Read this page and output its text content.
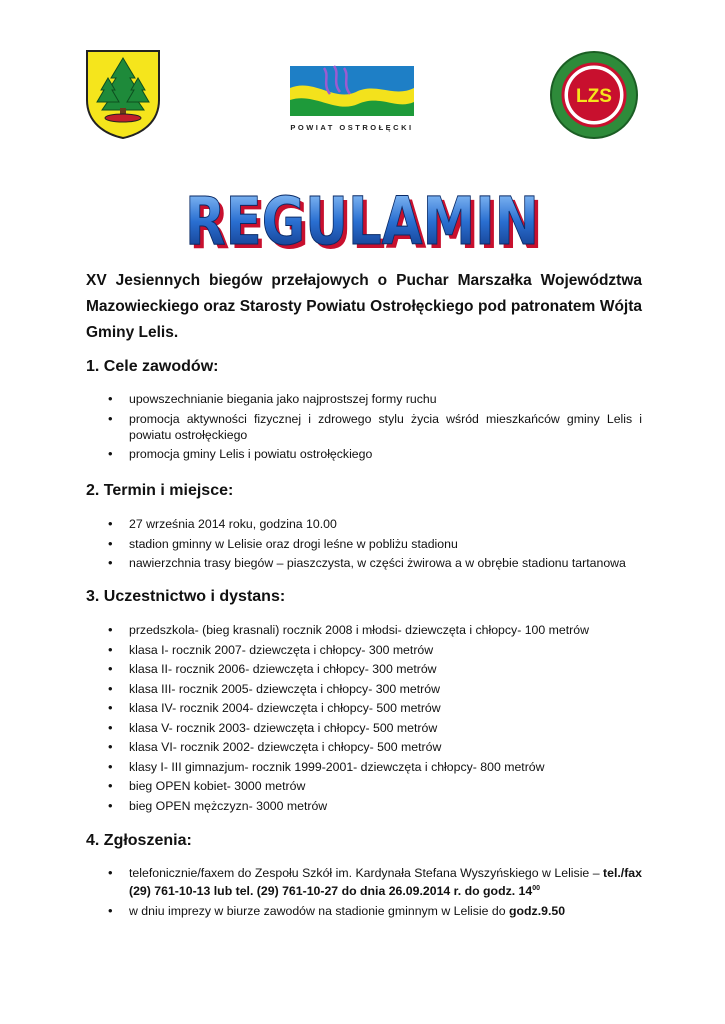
POWIAT OSTROŁĘCKI
LZS
REGULAMIN
REGULAMIN

XV Jesiennych biegów przełajowych o Puchar Marszałka Województwa Mazowieckiego oraz Starosty Powiatu Ostrołęckiego pod patronatem Wójta Gminy Lelis.

1. Cele zawodów:
• upowszechnianie biegania jako najprostszej formy ruchu
• promocja aktywności fizycznej i zdrowego stylu życia wśród mieszkańców gminy Lelis i powiatu ostrołęckiego
• promocja gminy Lelis i powiatu ostrołęckiego
2. Termin i miejsce:
• 27 września 2014 roku, godzina 10.00
• stadion gminny w Lelisie oraz drogi leśne w pobliżu stadionu
• nawierzchnia trasy biegów – piaszczysta, w części żwirowa a w obrębie stadionu tartanowa
3. Uczestnictwo i dystans:
• przedszkola- (bieg krasnali) rocznik 2008 i młodsi- dziewczęta i chłopcy- 100 metrów
• klasa I- rocznik 2007- dziewczęta i chłopcy- 300 metrów
• klasa II- rocznik 2006- dziewczęta i chłopcy- 300 metrów
• klasa III- rocznik 2005- dziewczęta i chłopcy- 300 metrów
• klasa IV- rocznik 2004- dziewczęta i chłopcy- 500 metrów
• klasa V- rocznik 2003- dziewczęta i chłopcy- 500 metrów
• klasa VI- rocznik 2002- dziewczęta i chłopcy- 500 metrów
• klasy I- III gimnazjum- rocznik 1999-2001- dziewczęta i chłopcy- 800 metrów
• bieg OPEN kobiet- 3000 metrów
• bieg OPEN mężczyzn- 3000 metrów
4. Zgłoszenia:
• telefonicznie/faxem do Zespołu Szkół im. Kardynała Stefana Wyszyńskiego w Lelisie – tel./fax (29) 761-10-13 lub tel. (29) 761-10-27 do dnia 26.09.2014 r. do godz. $14^{00}$
• w dniu imprezy w biurze zawodów na stadionie gminnym w Lelisie do godz.9.50
